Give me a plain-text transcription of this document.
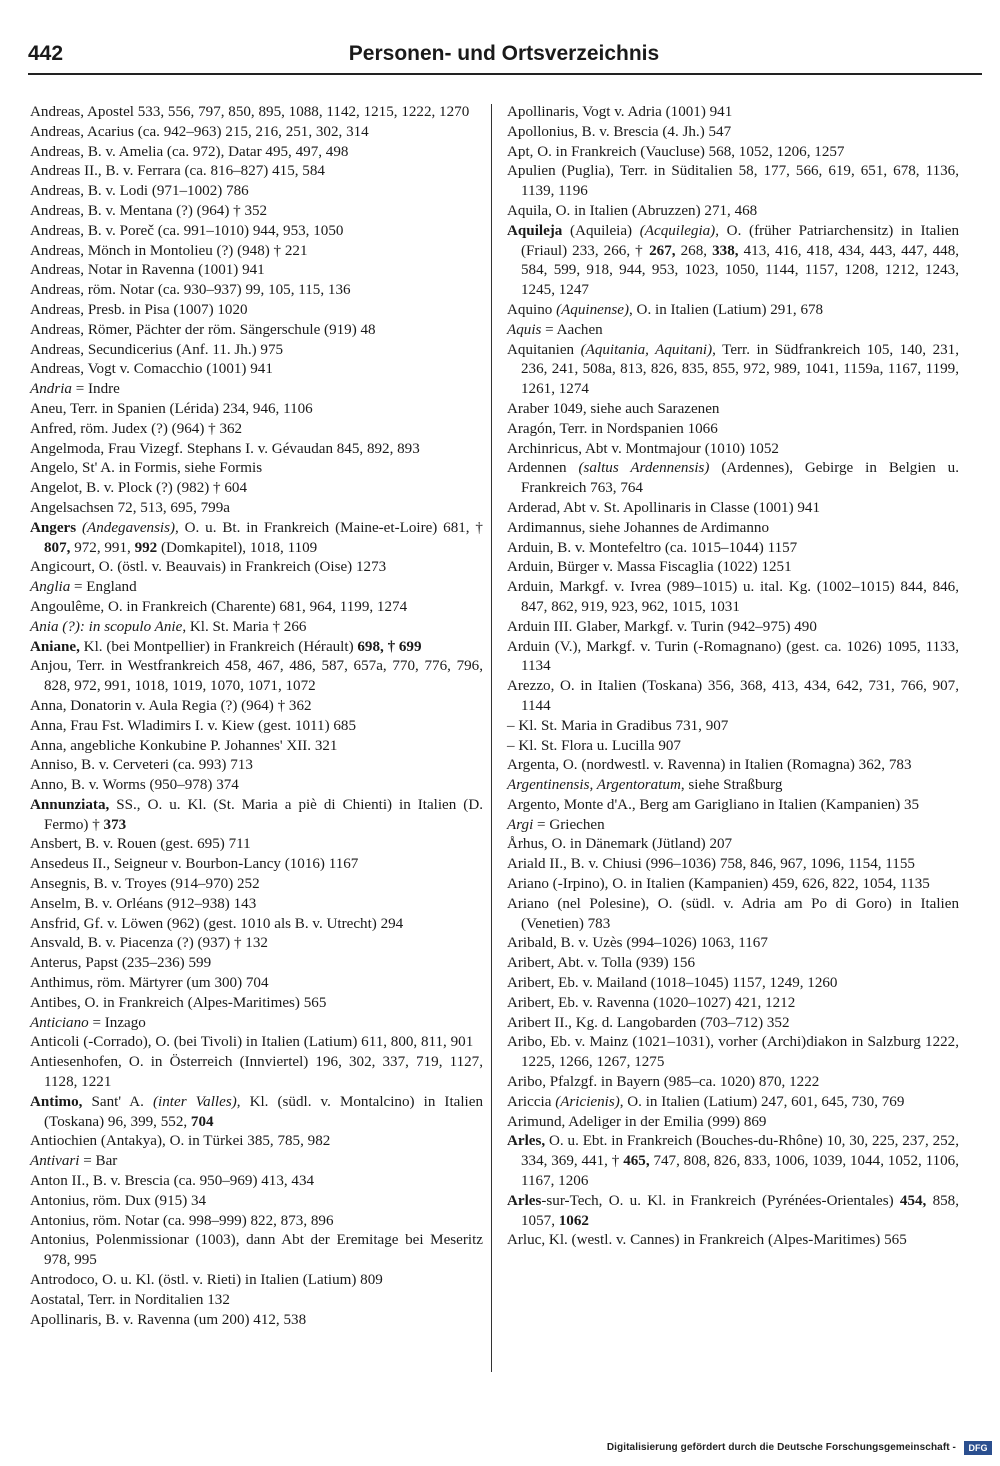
Personen- und Ortsverzeichnis
442
Andreas, Apostel 533, 556, 797, 850, 895, 1088, 1142, 1215, 1222, 1270
Andreas, Acarius (ca. 942–963) 215, 216, 251, 302, 314
Andreas, B. v. Amelia (ca. 972), Datar 495, 497, 498
Andreas II., B. v. Ferrara (ca. 816–827) 415, 584
Andreas, B. v. Lodi (971–1002) 786
Andreas, B. v. Mentana (?) (964) † 352
Andreas, B. v. Poreč (ca. 991–1010) 944, 953, 1050
Andreas, Mönch in Montolieu (?) (948) † 221
Andreas, Notar in Ravenna (1001) 941
Andreas, röm. Notar (ca. 930–937) 99, 105, 115, 136
Andreas, Presb. in Pisa (1007) 1020
Andreas, Römer, Pächter der röm. Sängerschule (919) 48
Andreas, Secundicerius (Anf. 11. Jh.) 975
Andreas, Vogt v. Comacchio (1001) 941
Andria = Indre
Aneu, Terr. in Spanien (Lérida) 234, 946, 1106
Anfred, röm. Judex (?) (964) † 362
Angelmoda, Frau Vizegf. Stephans I. v. Gévaudan 845, 892, 893
Angelo, St' A. in Formis, siehe Formis
Angelot, B. v. Plock (?) (982) † 604
Angelsachsen 72, 513, 695, 799a
Angers (Andegavensis), O. u. Bt. in Frankreich (Maine-et-Loire) 681, † 807, 972, 991, 992 (Domkapitel), 1018, 1109
Angicourt, O. (östl. v. Beauvais) in Frankreich (Oise) 1273
Anglia = England
Angoulême, O. in Frankreich (Charente) 681, 964, 1199, 1274
Ania (?): in scopulo Anie, Kl. St. Maria † 266
Aniane, Kl. (bei Montpellier) in Frankreich (Hérault) 698, † 699
Anjou, Terr. in Westfrankreich 458, 467, 486, 587, 657a, 770, 776, 796, 828, 972, 991, 1018, 1019, 1070, 1071, 1072
Anna, Donatorin v. Aula Regia (?) (964) † 362
Anna, Frau Fst. Wladimirs I. v. Kiew (gest. 1011) 685
Anna, angebliche Konkubine P. Johannes' XII. 321
Anniso, B. v. Cerveteri (ca. 993) 713
Anno, B. v. Worms (950–978) 374
Annunziata, SS., O. u. Kl. (St. Maria a piè di Chienti) in Italien (D. Fermo) † 373
Ansbert, B. v. Rouen (gest. 695) 711
Ansedeus II., Seigneur v. Bourbon-Lancy (1016) 1167
Ansegnis, B. v. Troyes (914–970) 252
Anselm, B. v. Orléans (912–938) 143
Ansfrid, Gf. v. Löwen (962) (gest. 1010 als B. v. Utrecht) 294
Ansvald, B. v. Piacenza (?) (937) † 132
Anterus, Papst (235–236) 599
Anthimus, röm. Märtyrer (um 300) 704
Antibes, O. in Frankreich (Alpes-Maritimes) 565
Anticiano = Inzago
Anticoli (-Corrado), O. (bei Tivoli) in Italien (Latium) 611, 800, 811, 901
Antiesenhofen, O. in Österreich (Innviertel) 196, 302, 337, 719, 1127, 1128, 1221
Antimo, Sant' A. (inter Valles), Kl. (südl. v. Montalcino) in Italien (Toskana) 96, 399, 552, 704
Antiochien (Antakya), O. in Türkei 385, 785, 982
Antivari = Bar
Anton II., B. v. Brescia (ca. 950–969) 413, 434
Antonius, röm. Dux (915) 34
Antonius, röm. Notar (ca. 998–999) 822, 873, 896
Antonius, Polenmissionar (1003), dann Abt der Eremitage bei Meseritz 978, 995
Antrodoco, O. u. Kl. (östl. v. Rieti) in Italien (Latium) 809
Aostatal, Terr. in Norditalien 132
Apollinaris, B. v. Ravenna (um 200) 412, 538
Apollinaris, Vogt v. Adria (1001) 941
Apollonius, B. v. Brescia (4. Jh.) 547
Apt, O. in Frankreich (Vaucluse) 568, 1052, 1206, 1257
Apulien (Puglia), Terr. in Süditalien 58, 177, 566, 619, 651, 678, 1136, 1139, 1196
Aquila, O. in Italien (Abruzzen) 271, 468
Aquileja (Aquileia) (Acquilegia), O. (früher Patriarchensitz) in Italien (Friaul) 233, 266, † 267, 268, 338, 413, 416, 418, 434, 443, 447, 448, 584, 599, 918, 944, 953, 1023, 1050, 1144, 1157, 1208, 1212, 1243, 1245, 1247
Aquino (Aquinense), O. in Italien (Latium) 291, 678
Aquis = Aachen
Aquitanien (Aquitania, Aquitani), Terr. in Südfrankreich 105, 140, 231, 236, 241, 508a, 813, 826, 835, 855, 972, 989, 1041, 1159a, 1167, 1199, 1261, 1274
Araber 1049, siehe auch Sarazenen
Aragón, Terr. in Nordspanien 1066
Archinricus, Abt v. Montmajour (1010) 1052
Ardennen (saltus Ardennensis) (Ardennes), Gebirge in Belgien u. Frankreich 763, 764
Arderad, Abt v. St. Apollinaris in Classe (1001) 941
Ardimannus, siehe Johannes de Ardimanno
Arduin, B. v. Montefeltro (ca. 1015–1044) 1157
Arduin, Bürger v. Massa Fiscaglia (1022) 1251
Arduin, Markgf. v. Ivrea (989–1015) u. ital. Kg. (1002–1015) 844, 846, 847, 862, 919, 923, 962, 1015, 1031
Arduin III. Glaber, Markgf. v. Turin (942–975) 490
Arduin (V.), Markgf. v. Turin (-Romagnano) (gest. ca. 1026) 1095, 1133, 1134
Arezzo, O. in Italien (Toskana) 356, 368, 413, 434, 642, 731, 766, 907, 1144
– Kl. St. Maria in Gradibus 731, 907
– Kl. St. Flora u. Lucilla 907
Argenta, O. (nordwestl. v. Ravenna) in Italien (Romagna) 362, 783
Argentinensis, Argentoratum, siehe Straßburg
Argento, Monte d'A., Berg am Garigliano in Italien (Kampanien) 35
Argi = Griechen
Århus, O. in Dänemark (Jütland) 207
Ariald II., B. v. Chiusi (996–1036) 758, 846, 967, 1096, 1154, 1155
Ariano (-Irpino), O. in Italien (Kampanien) 459, 626, 822, 1054, 1135
Ariano (nel Polesine), O. (südl. v. Adria am Po di Goro) in Italien (Venetien) 783
Aribald, B. v. Uzès (994–1026) 1063, 1167
Aribert, Abt. v. Tolla (939) 156
Aribert, Eb. v. Mailand (1018–1045) 1157, 1249, 1260
Aribert, Eb. v. Ravenna (1020–1027) 421, 1212
Aribert II., Kg. d. Langobarden (703–712) 352
Aribo, Eb. v. Mainz (1021–1031), vorher (Archi)diakon in Salzburg 1222, 1225, 1266, 1267, 1275
Aribo, Pfalzgf. in Bayern (985–ca. 1020) 870, 1222
Ariccia (Aricienis), O. in Italien (Latium) 247, 601, 645, 730, 769
Arimund, Adeliger in der Emilia (999) 869
Arles, O. u. Ebt. in Frankreich (Bouches-du-Rhône) 10, 30, 225, 237, 252, 334, 369, 441, † 465, 747, 808, 826, 833, 1006, 1039, 1044, 1052, 1106, 1167, 1206
Arles-sur-Tech, O. u. Kl. in Frankreich (Pyrénées-Orientales) 454, 858, 1057, 1062
Arluc, Kl. (westl. v. Cannes) in Frankreich (Alpes-Maritimes) 565
Digitalisierung gefördert durch die Deutsche Forschungsgemeinschaft -	DFG
